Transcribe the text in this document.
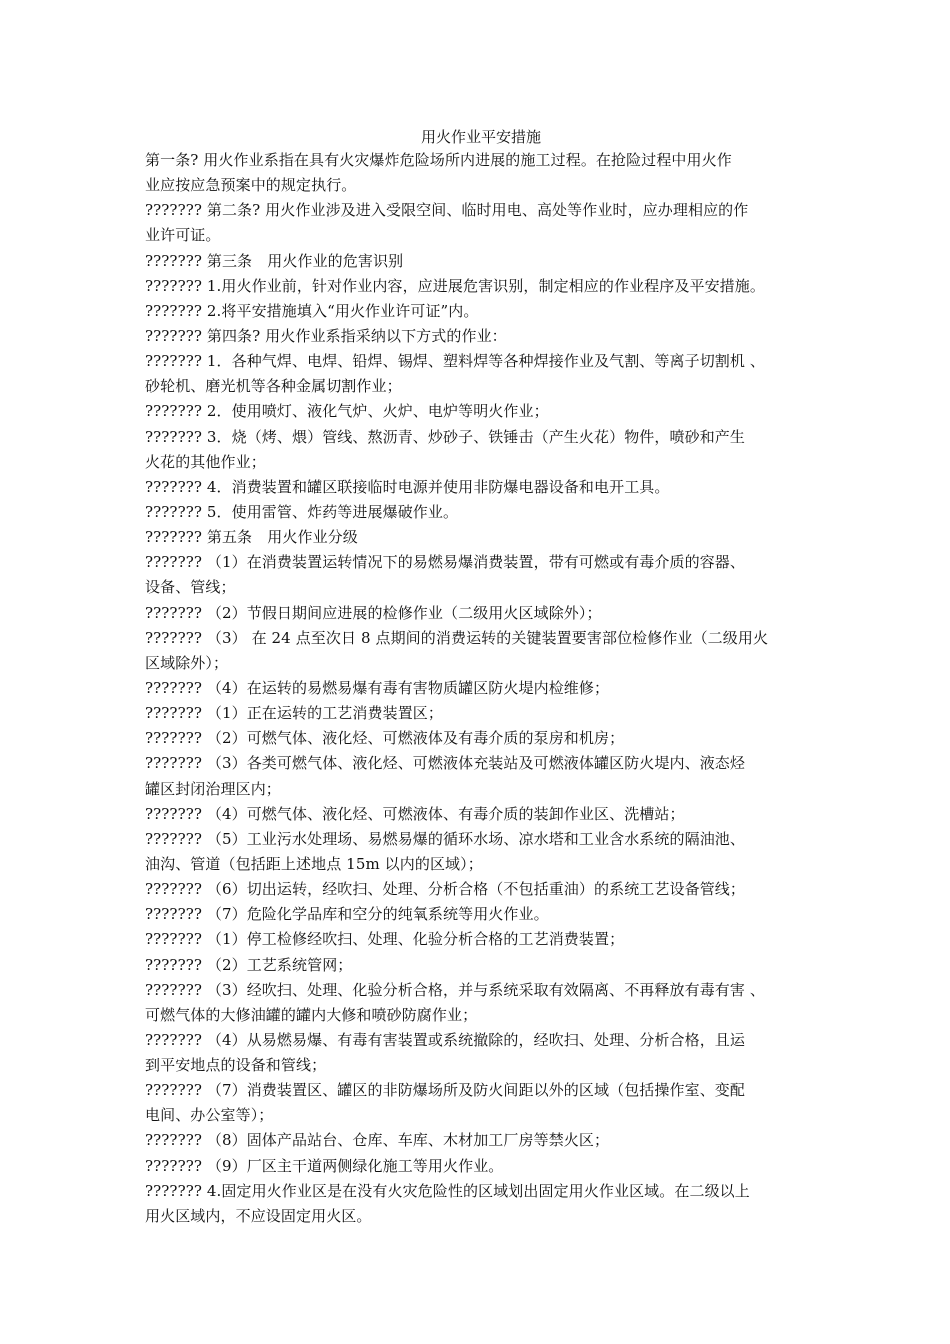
用火作业平安措施

第一条? 用火作业系指在具有火灾爆炸危险场所内进展的施工过程。在抢险过程中用火作
业应按应急预案中的规定执行。

??????? 第二条? 用火作业涉及进入受限空间、临时用电、高处等作业时，应办理相应的作
业许可证。

??????? 第三条　用火作业的危害识别

??????? 1.用火作业前，针对作业内容，应进展危害识别，制定相应的作业程序及平安措施。

??????? 2.将平安措施填入“用火作业许可证”内。

??????? 第四条? 用火作业系指采纳以下方式的作业：

??????? 1．各种气焊、电焊、铅焊、锡焊、塑料焊等各种焊接作业及气割、等离子切割机 、
砂轮机、磨光机等各种金属切割作业；

??????? 2．使用喷灯、液化气炉、火炉、电炉等明火作业；

??????? 3．烧（烤、煨）管线、熬沥青、炒砂子、铁锤击（产生火花）物件，喷砂和产生
火花的其他作业；

??????? 4．消费装置和罐区联接临时电源并使用非防爆电器设备和电开工具。

??????? 5．使用雷管、炸药等进展爆破作业。

??????? 第五条　用火作业分级

??????? （1）在消费装置运转情况下的易燃易爆消费装置，带有可燃或有毒介质的容器、
设备、管线；

??????? （2）节假日期间应进展的检修作业（二级用火区域除外）；

??????? （3） 在 24 点至次日 8 点期间的消费运转的关键装置要害部位检修作业（二级用火
区域除外）；

??????? （4）在运转的易燃易爆有毒有害物质罐区防火堤内检维修；

??????? （1）正在运转的工艺消费装置区；

??????? （2）可燃气体、液化烃、可燃液体及有毒介质的泵房和机房；

??????? （3）各类可燃气体、液化烃、可燃液体充装站及可燃液体罐区防火堤内、液态烃
罐区封闭治理区内；

??????? （4）可燃气体、液化烃、可燃液体、有毒介质的装卸作业区、洗槽站；

??????? （5）工业污水处理场、易燃易爆的循环水场、凉水塔和工业含水系统的隔油池、
油沟、管道（包括距上述地点 15m 以内的区域）；

??????? （6）切出运转，经吹扫、处理、分析合格（不包括重油）的系统工艺设备管线；

??????? （7）危险化学品库和空分的纯氧系统等用火作业。

??????? （1）停工检修经吹扫、处理、化验分析合格的工艺消费装置；

??????? （2）工艺系统管网；

??????? （3）经吹扫、处理、化验分析合格，并与系统采取有效隔离、不再释放有毒有害 、
可燃气体的大修油罐的罐内大修和喷砂防腐作业；

??????? （4）从易燃易爆、有毒有害装置或系统撤除的，经吹扫、处理、分析合格，且运
到平安地点的设备和管线；

??????? （7）消费装置区、罐区的非防爆场所及防火间距以外的区域（包括操作室、变配
电间、办公室等）；

??????? （8）固体产品站台、仓库、车库、木材加工厂房等禁火区；

??????? （9）厂区主干道两侧绿化施工等用火作业。

??????? 4.固定用火作业区是在没有火灾危险性的区域划出固定用火作业区域。在二级以上
用火区域内，不应设固定用火区。
